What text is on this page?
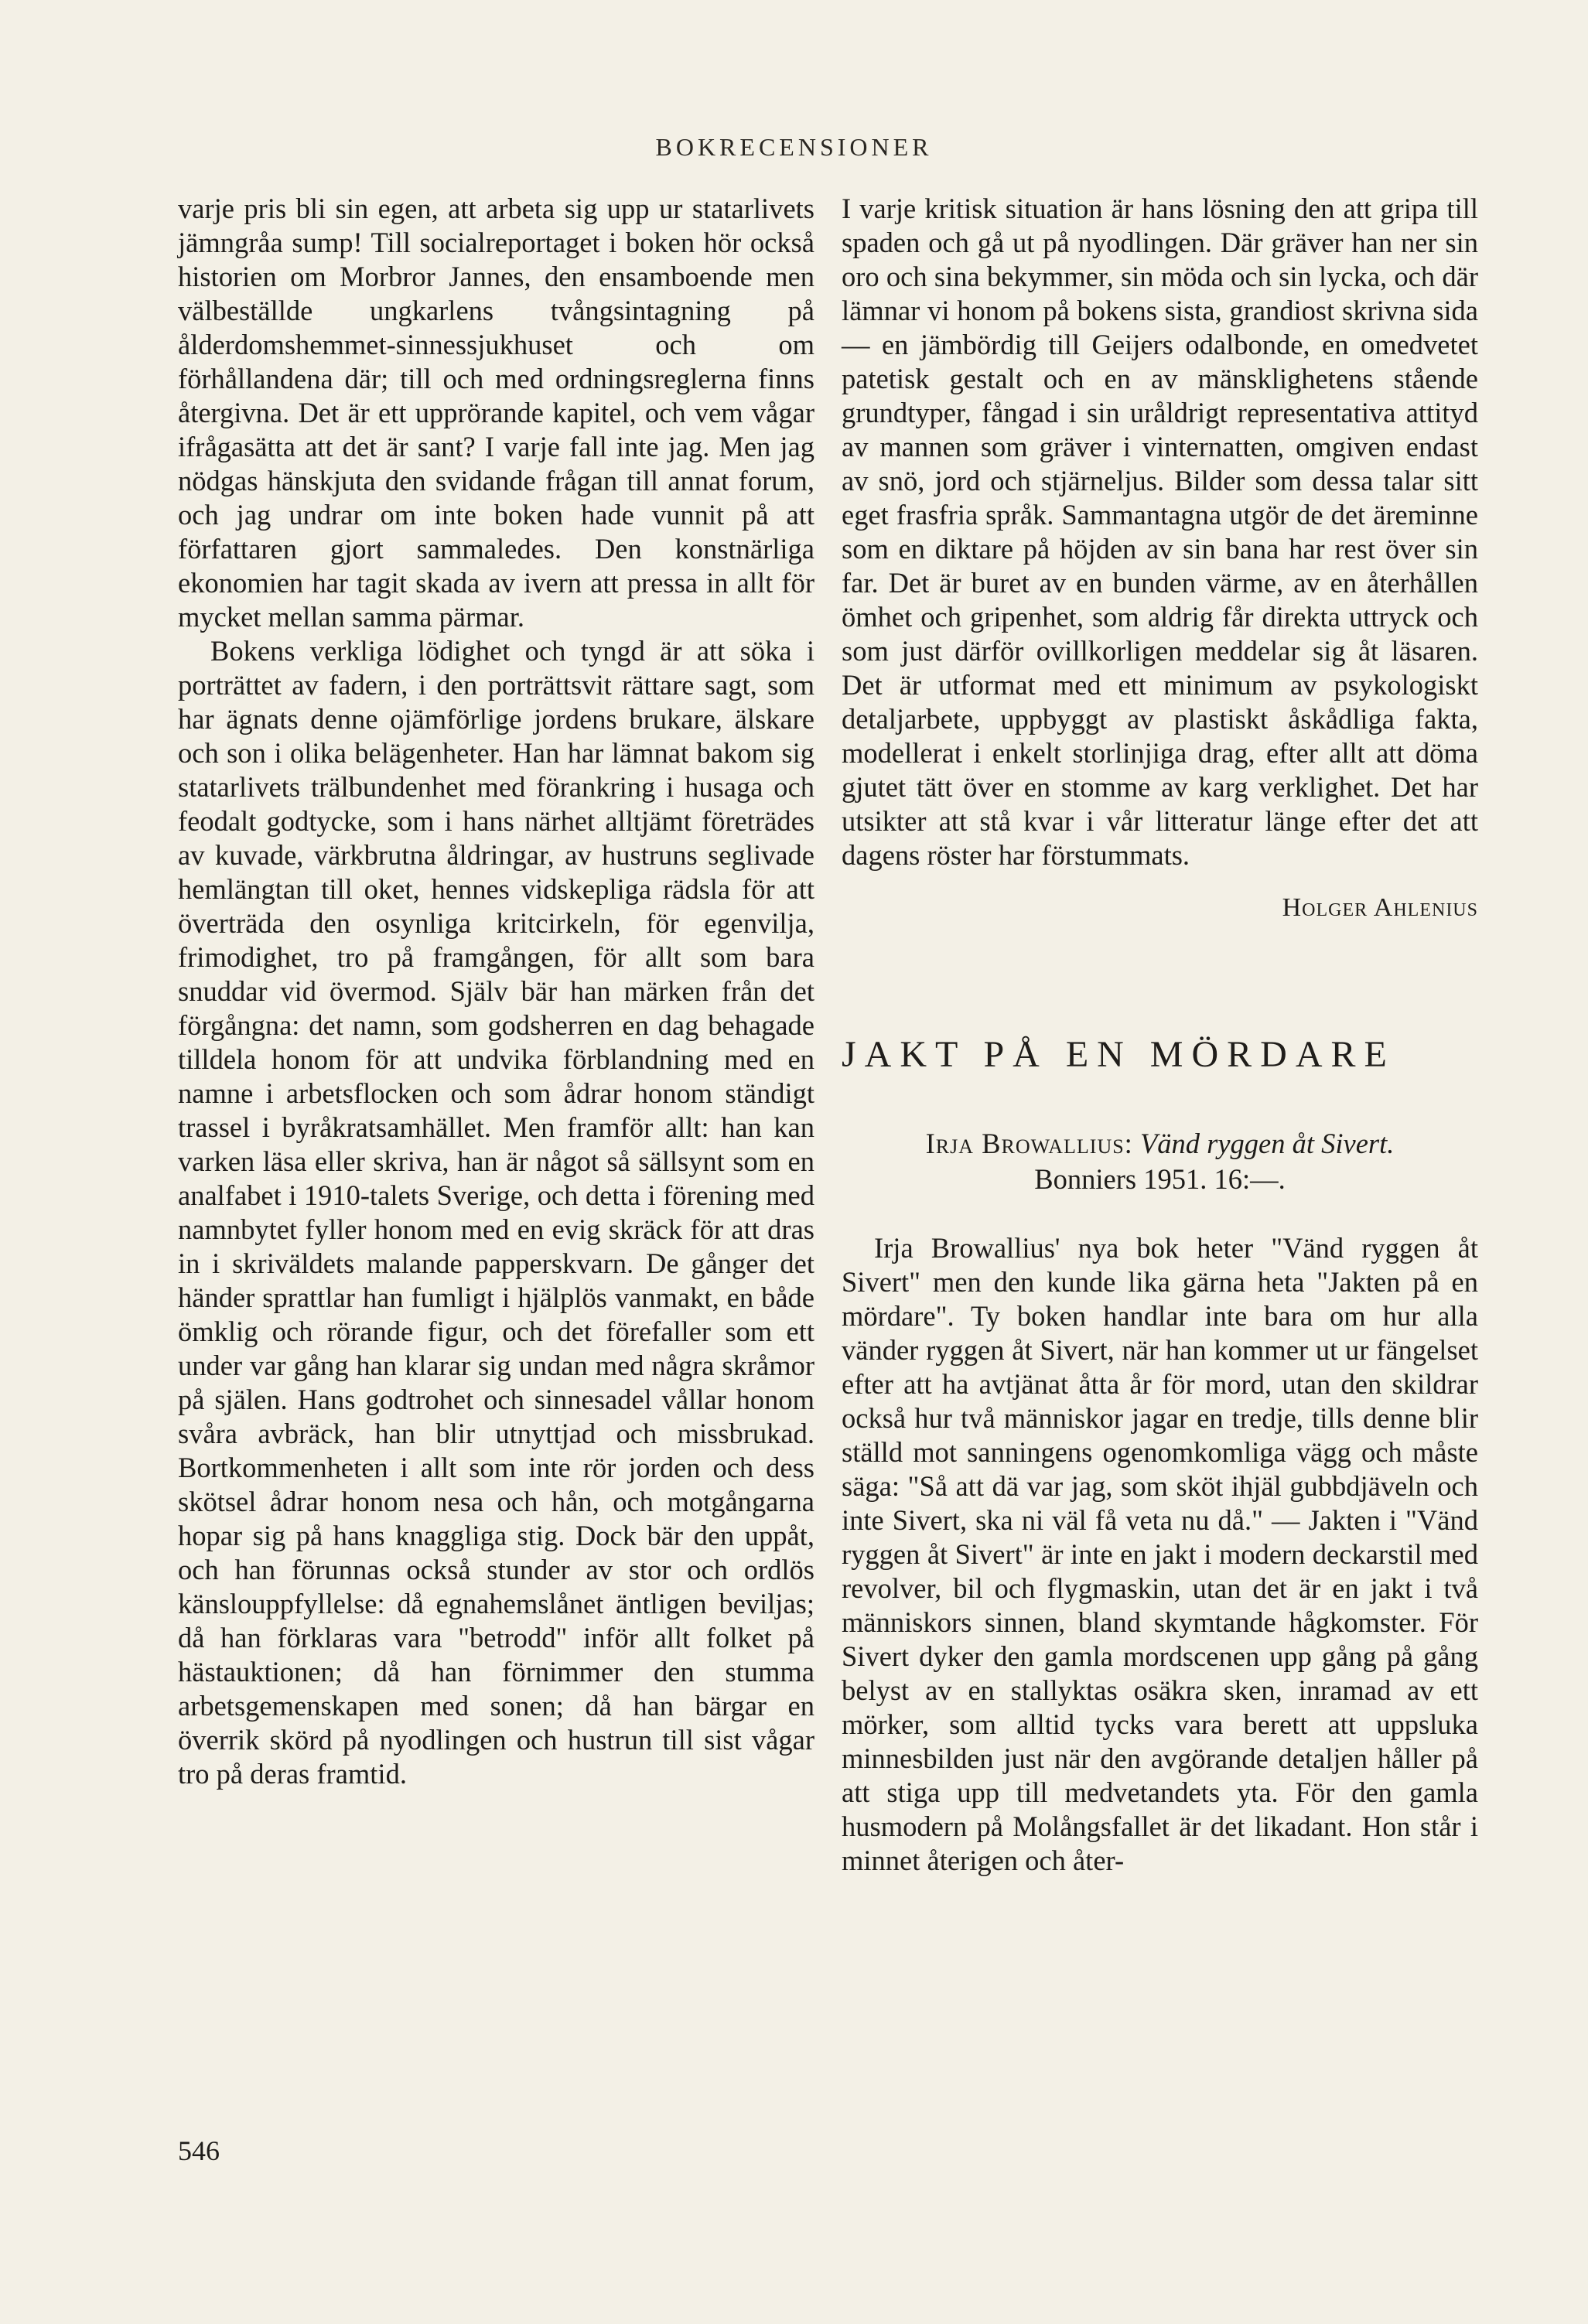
BOKRECENSIONER

varje pris bli sin egen, att arbeta sig upp ur statarlivets jämngråa sump! Till socialreportaget i boken hör också historien om Morbror Jannes, den ensamboende men välbeställde ungkarlens tvångsintagning på ålderdomshemmet-sinnessjukhuset och om förhållandena där; till och med ordningsreglerna finns återgivna. Det är ett upprörande kapitel, och vem vågar ifrågasätta att det är sant? I varje fall inte jag. Men jag nödgas hänskjuta den svidande frågan till annat forum, och jag undrar om inte boken hade vunnit på att författaren gjort sammaledes. Den konstnärliga ekonomien har tagit skada av ivern att pressa in allt för mycket mellan samma pärmar.

Bokens verkliga lödighet och tyngd är att söka i porträttet av fadern, i den porträttsvit rättare sagt, som har ägnats denne ojämförlige jordens brukare, älskare och son i olika belägenheter. Han har lämnat bakom sig statarlivets trälbundenhet med förankring i husaga och feodalt godtycke, som i hans närhet alltjämt företrädes av kuvade, värkbrutna åldringar, av hustruns seglivade hemlängtan till oket, hennes vidskepliga rädsla för att överträda den osynliga kritcirkeln, för egenvilja, frimodighet, tro på framgången, för allt som bara snuddar vid övermod. Själv bär han märken från det förgångna: det namn, som godsherren en dag behagade tilldela honom för att undvika förblandning med en namne i arbetsflocken och som ådrar honom ständigt trassel i byråkratsamhället. Men framför allt: han kan varken läsa eller skriva, han är något så sällsynt som en analfabet i 1910-talets Sverige, och detta i förening med namnbytet fyller honom med en evig skräck för att dras in i skriväldets malande papperskvarn. De gånger det händer sprattlar han fumligt i hjälplös vanmakt, en både ömklig och rörande figur, och det förefaller som ett under var gång han klarar sig undan med några skråmor på själen. Hans godtrohet och sinnesadel vållar honom svåra avbräck, han blir utnyttjad och missbrukad. Bortkommenheten i allt som inte rör jorden och dess skötsel ådrar honom nesa och hån, och motgångarna hopar sig på hans knaggliga stig. Dock bär den uppåt, och han förunnas också stunder av stor och ordlös känslouppfyllelse: då egnahemslånet äntligen beviljas; då han förklaras vara "betrodd" inför allt folket på hästauktionen; då han förnimmer den stumma arbetsgemenskapen med sonen; då han bärgar en överrik skörd på nyodlingen och hustrun till sist vågar tro på deras framtid.

I varje kritisk situation är hans lösning den att gripa till spaden och gå ut på nyodlingen. Där gräver han ner sin oro och sina bekymmer, sin möda och sin lycka, och där lämnar vi honom på bokens sista, grandiost skrivna sida — en jämbördig till Geijers odalbonde, en omedvetet patetisk gestalt och en av mänsklighetens stående grundtyper, fångad i sin uråldrigt representativa attityd av mannen som gräver i vinternatten, omgiven endast av snö, jord och stjärneljus. Bilder som dessa talar sitt eget frasfria språk. Sammantagna utgör de det äreminne som en diktare på höjden av sin bana har rest över sin far. Det är buret av en bunden värme, av en återhållen ömhet och gripenhet, som aldrig får direkta uttryck och som just därför ovillkorligen meddelar sig åt läsaren. Det är utformat med ett minimum av psykologiskt detaljarbete, uppbyggt av plastiskt åskådliga fakta, modellerat i enkelt storlinjiga drag, efter allt att döma gjutet tätt över en stomme av karg verklighet. Det har utsikter att stå kvar i vår litteratur länge efter det att dagens röster har förstummats.

Holger Ahlenius
JAKT PÅ EN MÖRDARE
Irja Browallius: Vänd ryggen åt Sivert.
Bonniers 1951. 16:—.

Irja Browallius' nya bok heter "Vänd ryggen åt Sivert" men den kunde lika gärna heta "Jakten på en mördare". Ty boken handlar inte bara om hur alla vänder ryggen åt Sivert, när han kommer ut ur fängelset efter att ha avtjänat åtta år för mord, utan den skildrar också hur två människor jagar en tredje, tills denne blir ställd mot sanningens ogenomkomliga vägg och måste säga: "Så att dä var jag, som sköt ihjäl gubbdjäveln och inte Sivert, ska ni väl få veta nu då." — Jakten i "Vänd ryggen åt Sivert" är inte en jakt i modern deckarstil med revolver, bil och flygmaskin, utan det är en jakt i två människors sinnen, bland skymtande hågkomster. För Sivert dyker den gamla mordscenen upp gång på gång belyst av en stallyktas osäkra sken, inramad av ett mörker, som alltid tycks vara berett att uppsluka minnesbilden just när den avgörande detaljen håller på att stiga upp till medvetandets yta. För den gamla husmodern på Molångsfallet är det likadant. Hon står i minnet återigen och åter-

546
